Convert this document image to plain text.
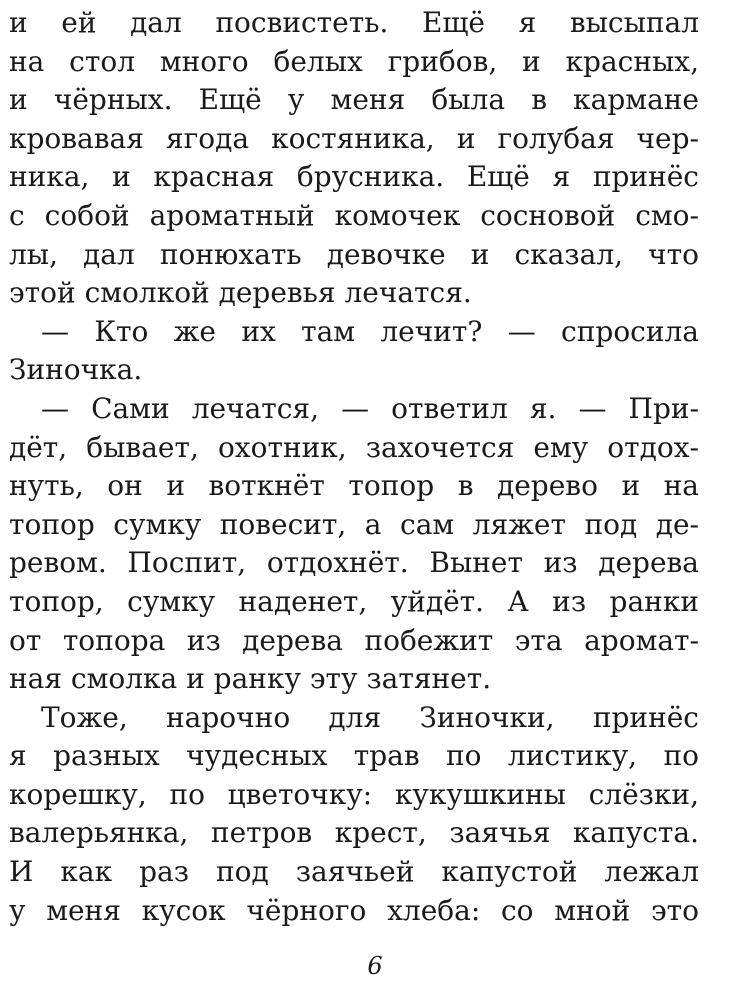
и ей дал посвистеть. Ещё я высыпал
на стол много белых грибов, и красных,
и чёрных. Ещё у меня была в кармане
кровавая ягода костяника, и голубая чер-
ника, и красная брусника. Ещё я принёс
с собой ароматный комочек сосновой смо-
лы, дал понюхать девочке и сказал, что
этой смолкой деревья лечатся.
— Кто же их там лечит? — спросила
Зиночка.
— Сами лечатся, — ответил я. — При-
дёт, бывает, охотник, захочется ему отдох-
нуть, он и воткнёт топор в дерево и на
топор сумку повесит, а сам ляжет под де-
ревом. Поспит, отдохнёт. Вынет из дерева
топор, сумку наденет, уйдёт. А из ранки
от топора из дерева побежит эта аромат-
ная смолка и ранку эту затянет.
Тоже, нарочно для Зиночки, принёс
я разных чудесных трав по листику, по
корешку, по цветочку: кукушкины слёзки,
валерьянка, петров крест, заячья капуста.
И как раз под заячьей капустой лежал
у меня кусок чёрного хлеба: со мной это
6
